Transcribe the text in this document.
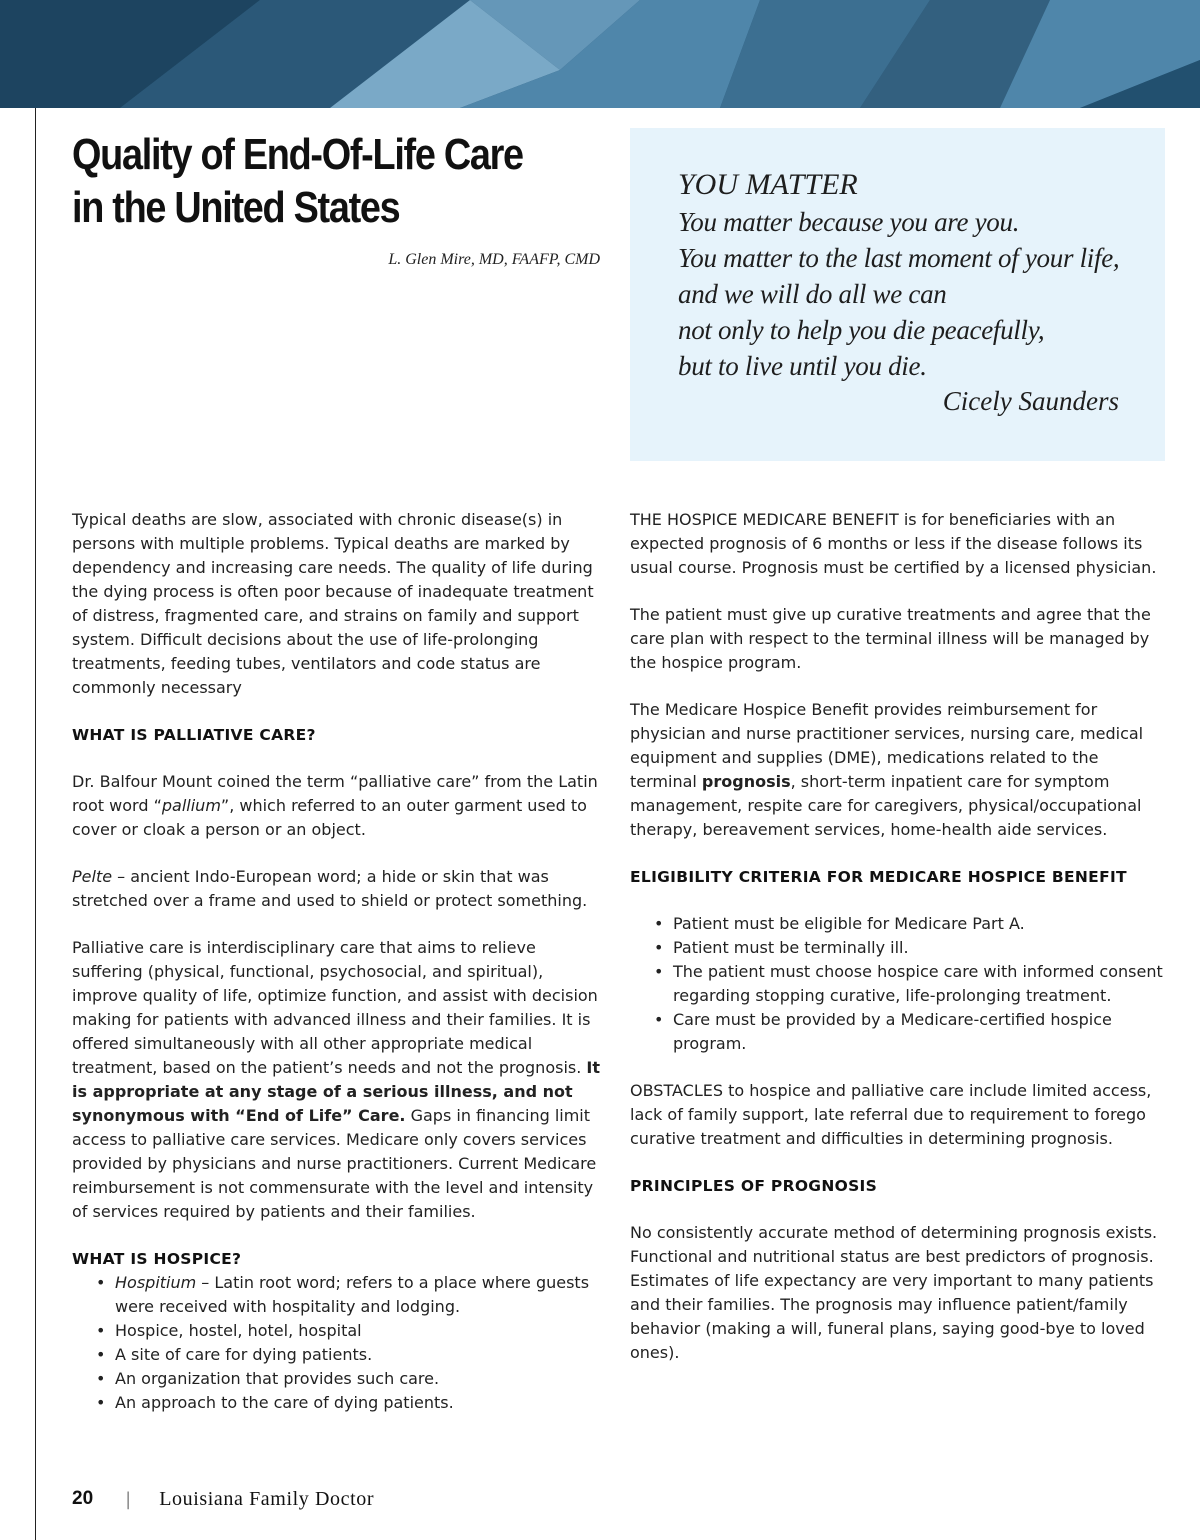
Quality of End-Of-Life Care
in the United States
L. Glen Mire, MD, FAAFP, CMD
YOU MATTER
You matter because you are you.
You matter to the last moment of your life,
and we will do all we can
not only to help you die peacefully,
but to live until you die.
Cicely Saunders

Typical deaths are slow, associated with chronic disease(s) in persons with multiple problems. Typical deaths are marked by dependency and increasing care needs. The quality of life during the dying process is often poor because of inadequate treatment of distress, fragmented care, and strains on family and support system. Difficult decisions about the use of life-prolonging treatments, feeding tubes, ventilators and code status are commonly necessary

WHAT IS PALLIATIVE CARE?

Dr. Balfour Mount coined the term “palliative care” from the Latin root word “pallium”, which referred to an outer garment used to cover or cloak a person or an object.

Pelte – ancient Indo-European word; a hide or skin that was stretched over a frame and used to shield or protect something.

Palliative care is interdisciplinary care that aims to relieve suffering (physical, functional, psychosocial, and spiritual), improve quality of life, optimize function, and assist with decision making for patients with advanced illness and their families. It is offered simultaneously with all other appropriate medical treatment, based on the patient’s needs and not the prognosis. It is appropriate at any stage of a serious illness, and not synonymous with “End of Life” Care. Gaps in financing limit access to palliative care services. Medicare only covers services provided by physicians and nurse practitioners. Current Medicare reimbursement is not commensurate with the level and intensity of services required by patients and their families.

WHAT IS HOSPICE?
• Hospitium – Latin root word; refers to a place where guests were received with hospitality and lodging.
• Hospice, hostel, hotel, hospital
• A site of care for dying patients.
• An organization that provides such care.
• An approach to the care of dying patients.

THE HOSPICE MEDICARE BENEFIT is for beneficiaries with an expected prognosis of 6 months or less if the disease follows its usual course. Prognosis must be certified by a licensed physician.

The patient must give up curative treatments and agree that the care plan with respect to the terminal illness will be managed by the hospice program.

The Medicare Hospice Benefit provides reimbursement for physician and nurse practitioner services, nursing care, medical equipment and supplies (DME), medications related to the terminal prognosis, short-term inpatient care for symptom management, respite care for caregivers, physical/occupational therapy, bereavement services, home-health aide services.

ELIGIBILITY CRITERIA FOR MEDICARE HOSPICE BENEFIT
• Patient must be eligible for Medicare Part A.
• Patient must be terminally ill.
• The patient must choose hospice care with informed consent regarding stopping curative, life-prolonging treatment.
• Care must be provided by a Medicare-certified hospice program.

OBSTACLES to hospice and palliative care include limited access, lack of family support, late referral due to requirement to forego curative treatment and difficulties in determining prognosis.

PRINCIPLES OF PROGNOSIS

No consistently accurate method of determining prognosis exists. Functional and nutritional status are best predictors of prognosis. Estimates of life expectancy are very important to many patients and their families. The prognosis may influence patient/family behavior (making a will, funeral plans, saying good-bye to loved ones).

20 | Louisiana Family Doctor
